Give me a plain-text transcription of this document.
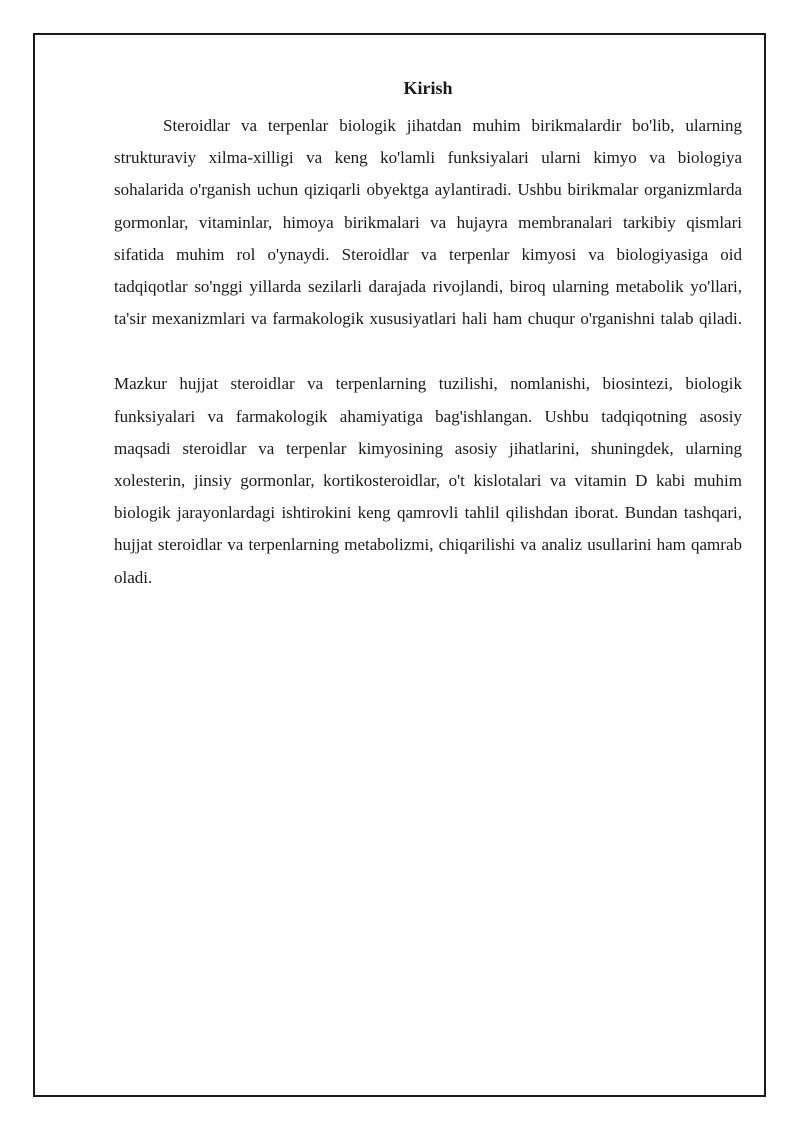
Kirish

Steroidlar va terpenlar biologik jihatdan muhim birikmalardir bo'lib, ularning strukturaviy xilma-xilligi va keng ko'lamli funksiyalari ularni kimyo va biologiya sohalarida o'rganish uchun qiziqarli obyektga aylantiradi. Ushbu birikmalar organizmlarda gormonlar, vitaminlar, himoya birikmalari va hujayra membranalari tarkibiy qismlari sifatida muhim rol o'ynaydi. Steroidlar va terpenlar kimyosi va biologiyasiga oid tadqiqotlar so'nggi yillarda sezilarli darajada rivojlandi, biroq ularning metabolik yo'llari, ta'sir mexanizmlari va farmakologik xususiyatlari hali ham chuqur o'rganishni talab qiladi.

Mazkur hujjat steroidlar va terpenlarning tuzilishi, nomlanishi, biosintezi, biologik funksiyalari va farmakologik ahamiyatiga bag'ishlangan. Ushbu tadqiqotning asosiy maqsadi steroidlar va terpenlar kimyosining asosiy jihatlarini, shuningdek, ularning xolesterin, jinsiy gormonlar, kortikosteroidlar, o't kislotalari va vitamin D kabi muhim biologik jarayonlardagi ishtirokini keng qamrovli tahlil qilishdan iborat. Bundan tashqari, hujjat steroidlar va terpenlarning metabolizmi, chiqarilishi va analiz usullarini ham qamrab oladi.
